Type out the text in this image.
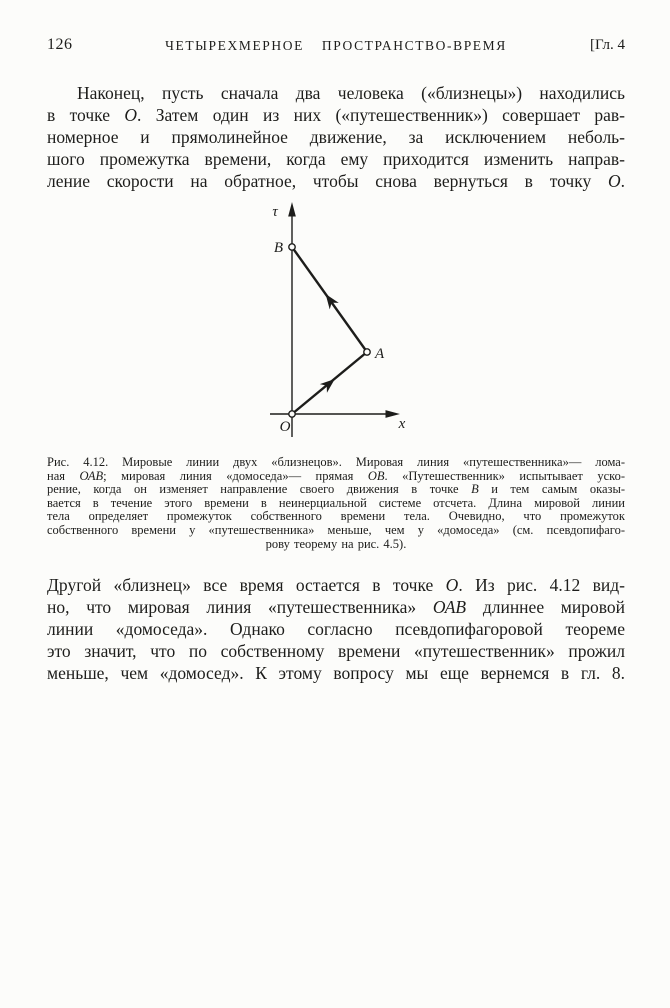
126	ЧЕТЫРЕХМЕРНОЕ ПРОСТРАНСТВО-ВРЕМЯ	[Гл. 4
Наконец, пусть сначала два человека («близнецы») находились
в точке О. Затем один из них («путешественник») совершает рав-
номерное и прямолинейное движение, за исключением неболь-
шого промежутка времени, когда ему приходится изменить направ-
ление скорости на обратное, чтобы снова вернуться в точку О.
τ
x
B
A
O
Рис. 4.12. Мировые линии двух «близнецов». Мировая линия «путешественника»— лома-
ная ОАВ; мировая линия «домоседа»— прямая ОВ. «Путешественник» испытывает уско-
рение, когда он изменяет направление своего движения в точке В и тем самым оказы-
вается в течение этого времени в неинерциальной системе отсчета. Длина мировой линии
тела определяет промежуток собственного времени тела. Очевидно, что промежуток
собственного времени у «путешественника» меньше, чем у «домоседа» (см. псевдопифаго-
рову теорему на рис. 4.5).
Другой «близнец» все время остается в точке О. Из рис. 4.12 вид-
но, что мировая линия «путешественника» ОАВ длиннее мировой
линии «домоседа». Однако согласно псевдопифагоровой теореме
это значит, что по собственному времени «путешественник» прожил
меньше, чем «домосед». К этому вопросу мы еще вернемся в гл. 8.
